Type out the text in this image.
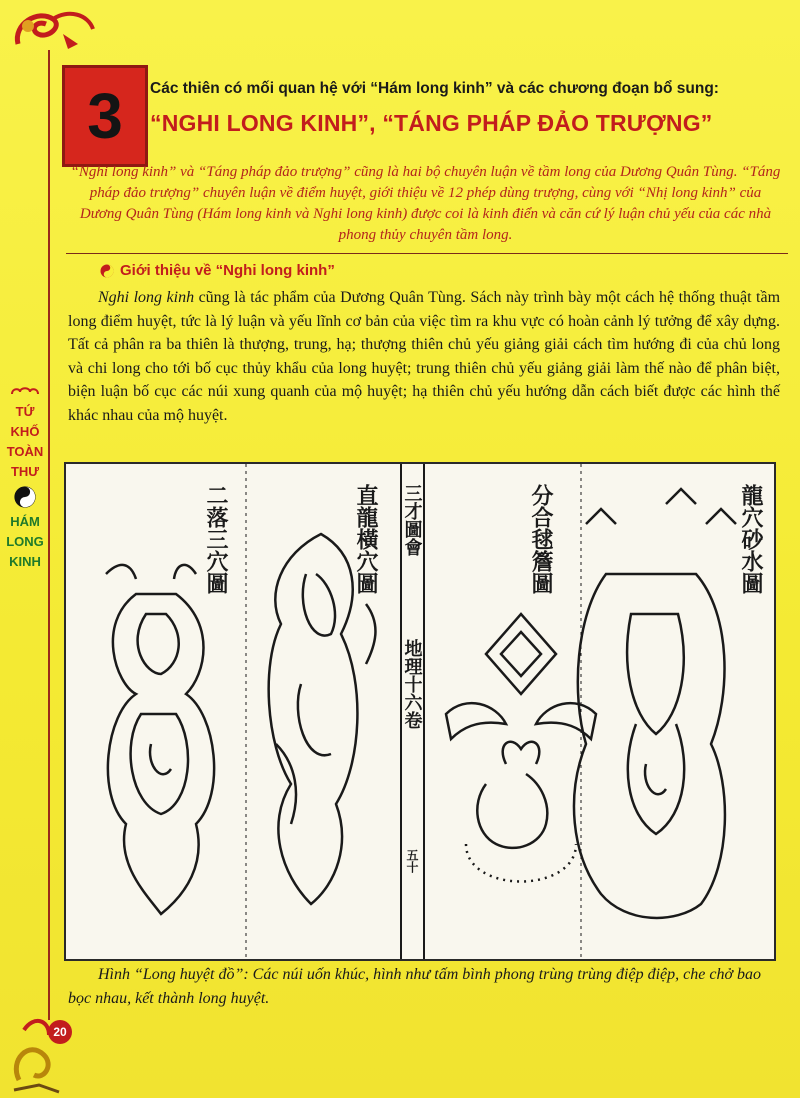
3 Các thiên có mối quan hệ với “Hám long kinh” và các chương đoạn bổ sung:
“NGHI LONG KINH”, “TÁNG PHÁP ĐẢO TRƯỢNG”
“Nghi long kinh” và “Táng pháp đảo trượng” cũng là hai bộ chuyên luận về tầm long của Dương Quân Tùng. “Táng pháp đảo trượng” chuyên luận về điểm huyệt, giới thiệu về 12 phép dùng trượng, cùng với “Nhị long kinh” của Dương Quân Tùng (Hám long kinh và Nghi long kinh) được coi là kinh điển và căn cứ lý luận chủ yếu của các nhà phong thủy chuyên tầm long.
Giới thiệu về “Nghi long kinh”
Nghi long kinh cũng là tác phẩm của Dương Quân Tùng. Sách này trình bày một cách hệ thống thuật tầm long điểm huyệt, tức là lý luận và yếu lĩnh cơ bản của việc tìm ra khu vực có hoàn cảnh lý tưởng để xây dựng. Tất cả phân ra ba thiên là thượng, trung, hạ; thượng thiên chủ yếu giảng giải cách tìm hướng đi của chủ long và chi long cho tới bố cục thủy khẩu của long huyệt; trung thiên chủ yếu giảng giải làm thế nào để phân biệt, biện luận bố cục các núi xung quanh của mộ huyệt; hạ thiên chủ yếu hướng dẫn cách biết được các hình thế khác nhau của mộ huyệt.
二落三穴圖	直龍橫穴圖 三才圖會
地理十六卷
五十
分合毬簷圖	龍穴砂水圖
Hình “Long huyệt đồ”: Các núi uốn khúc, hình như tấm bình phong trùng trùng điệp điệp, che chở bao bọc nhau, kết thành long huyệt.
TỨ
KHỐ
TOÀN
THƯ
HÁM
LONG
KINH
20
